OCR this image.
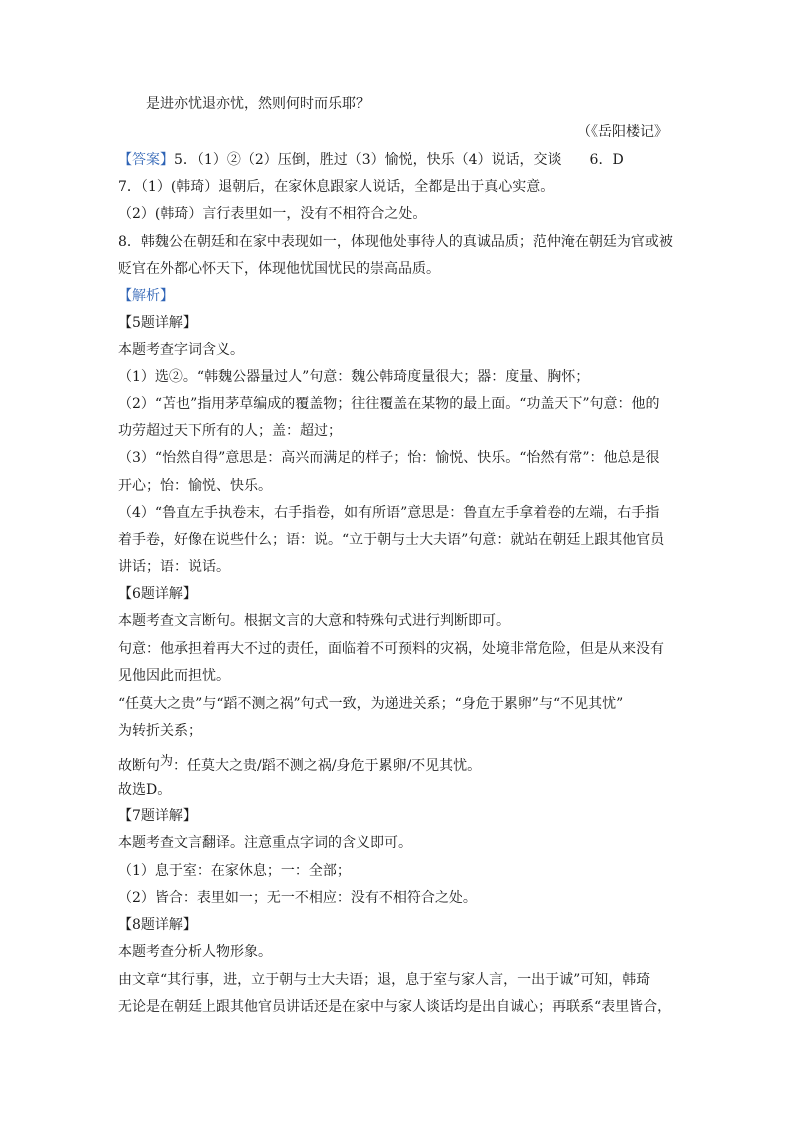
是进亦忧退亦忧，然则何时而乐耶？
（《岳阳楼记》
【答案】5．（1）②（2）压倒，胜过（3）愉悦，快乐（4）说话，交谈　　6．D
7．（1）(韩琦）退朝后，在家休息跟家人说话，全都是出于真心实意。
（2）(韩琦）言行表里如一，没有不相符合之处。
8．韩魏公在朝廷和在家中表现如一，体现他处事待人的真诚品质；范仲淹在朝廷为官或被
贬官在外都心怀天下，体现他忧国忧民的崇高品质。
【解析】
【5题详解】
本题考查字词含义。
（1）选②。“韩魏公器量过人”句意：魏公韩琦度量很大；器：度量、胸怀；
（2）“苫也”指用茅草编成的覆盖物；往往覆盖在某物的最上面。“功盖天下”句意：他的
功劳超过天下所有的人；盖：超过；
（3）“怡然自得”意思是：高兴而满足的样子；怡：愉悦、快乐。“怡然有常”：他总是很
开心；怡：愉悦、快乐。
（4）“鲁直左手执卷末，右手指卷，如有所语”意思是：鲁直左手拿着卷的左端，右手指
着手卷，好像在说些什么；语：说。“立于朝与士大夫语”句意：就站在朝廷上跟其他官员
讲话；语：说话。
【6题详解】
本题考查文言断句。根据文言的大意和特殊句式进行判断即可。
句意：他承担着再大不过的责任，面临着不可预料的灾祸，处境非常危险，但是从来没有
见他因此而担忧。
“任莫大之贵”与“蹈不测之祸”句式一致，为递进关系；“身危于累卵”与“不见其忧”
为转折关系；
故断句为：任莫大之贵/蹈不测之祸/身危于累卵/不见其忧。
故选D。
【7题详解】
本题考查文言翻译。注意重点字词的含义即可。
（1）息于室：在家休息；一：全部；
（2）皆合：表里如一；无一不相应：没有不相符合之处。
【8题详解】
本题考查分析人物形象。
由文章“其行事，进，立于朝与士大夫语；退，息于室与家人言，一出于诚”可知，韩琦
无论是在朝廷上跟其他官员讲话还是在家中与家人谈话均是出自诚心；再联系“表里皆合，
